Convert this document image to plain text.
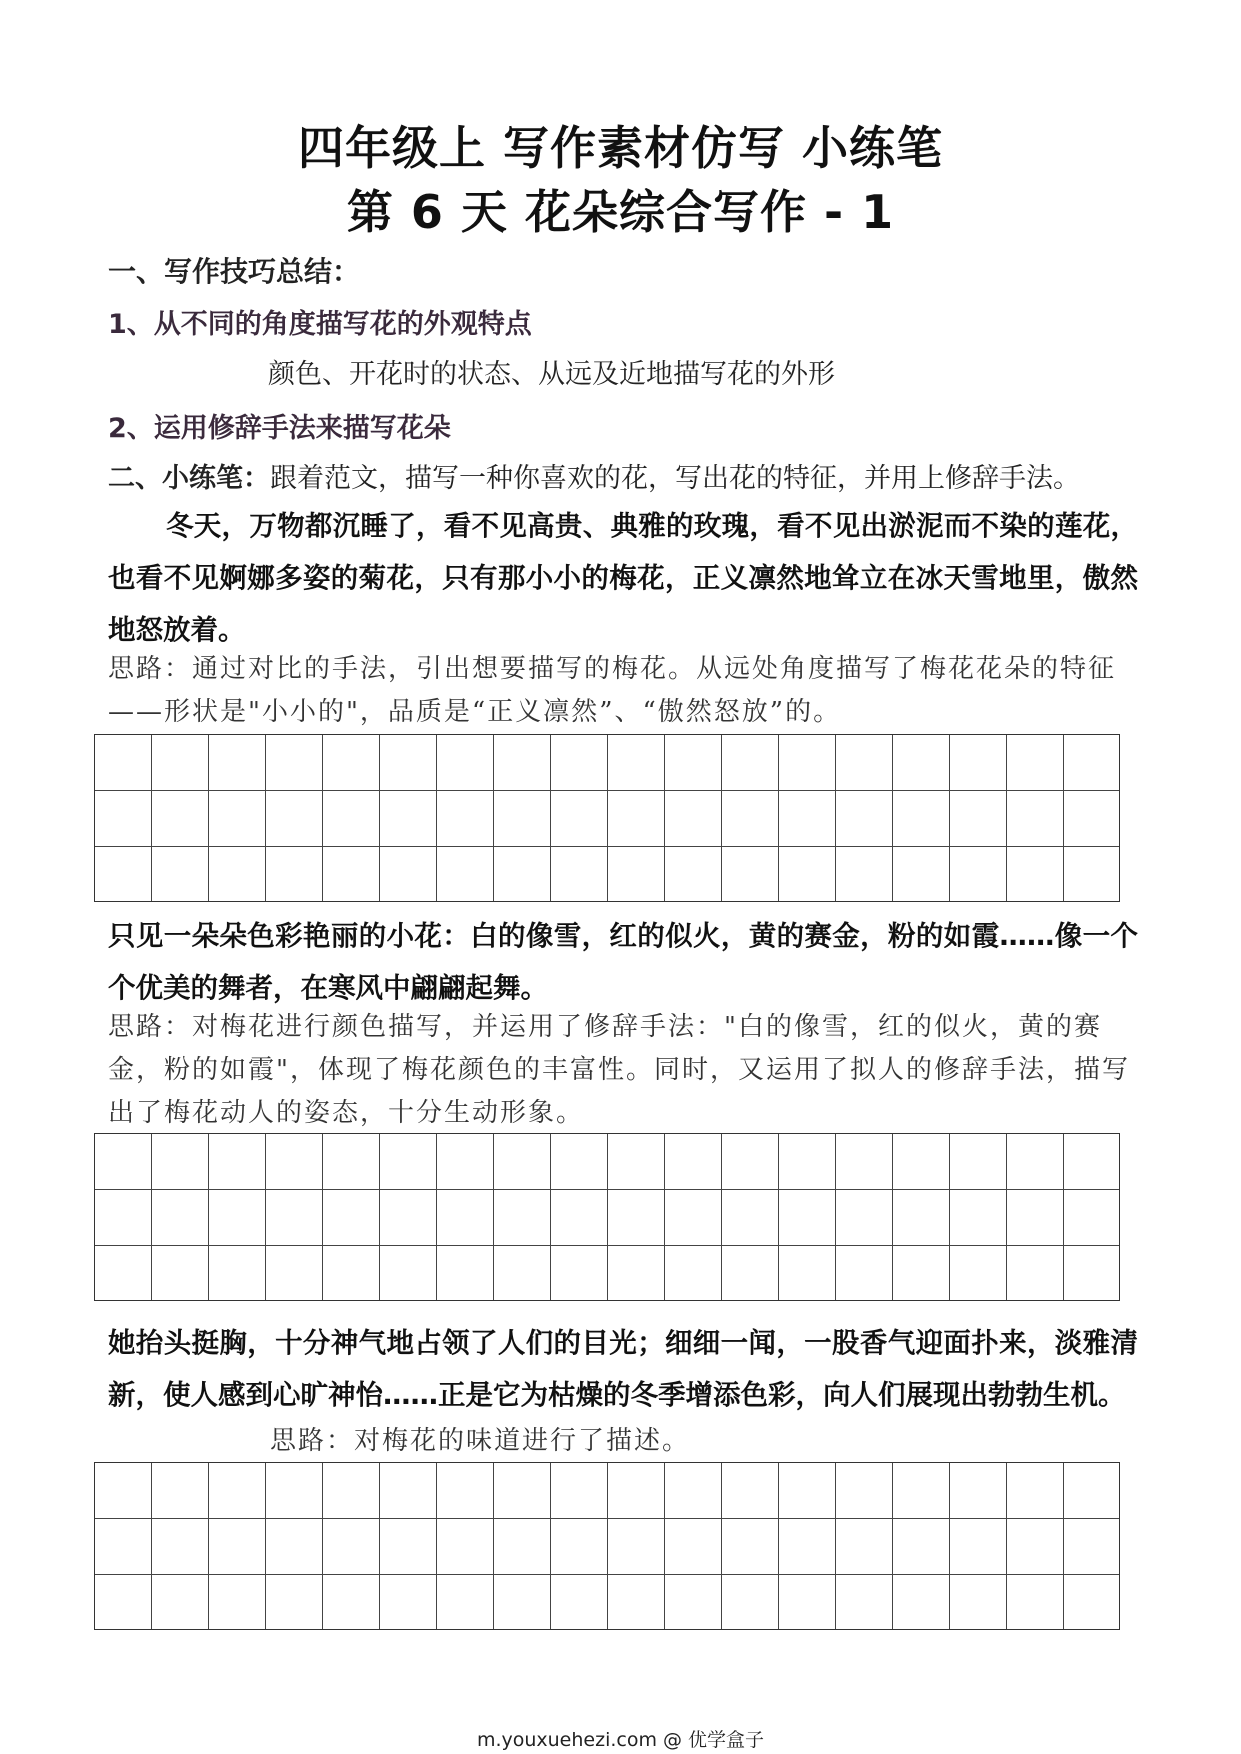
四年级上 写作素材仿写 小练笔
第 6 天 花朵综合写作 - 1
一、写作技巧总结：
1、从不同的角度描写花的外观特点
颜色、开花时的状态、从远及近地描写花的外形
2、运用修辞手法来描写花朵
二、小练笔：跟着范文，描写一种你喜欢的花，写出花的特征，并用上修辞手法。
冬天，万物都沉睡了，看不见高贵、典雅的玫瑰，看不见出淤泥而不染的莲花，也看不见婀娜多姿的菊花，只有那小小的梅花，正义凛然地耸立在冰天雪地里，傲然地怒放着。
思路：通过对比的手法，引出想要描写的梅花。从远处角度描写了梅花花朵的特征——形状是"小小的"，品质是“正义凛然”、“傲然怒放”的。
只见一朵朵色彩艳丽的小花：白的像雪，红的似火，黄的赛金，粉的如霞……像一个个优美的舞者，在寒风中翩翩起舞。
思路：对梅花进行颜色描写，并运用了修辞手法："白的像雪，红的似火，黄的赛金，粉的如霞"，体现了梅花颜色的丰富性。同时，又运用了拟人的修辞手法，描写出了梅花动人的姿态，十分生动形象。
她抬头挺胸，十分神气地占领了人们的目光；细细一闻，一股香气迎面扑来，淡雅清新，使人感到心旷神怡……正是它为枯燥的冬季增添色彩，向人们展现出勃勃生机。
思路：对梅花的味道进行了描述。
m.youxuehezi.com @ 优学盒子
